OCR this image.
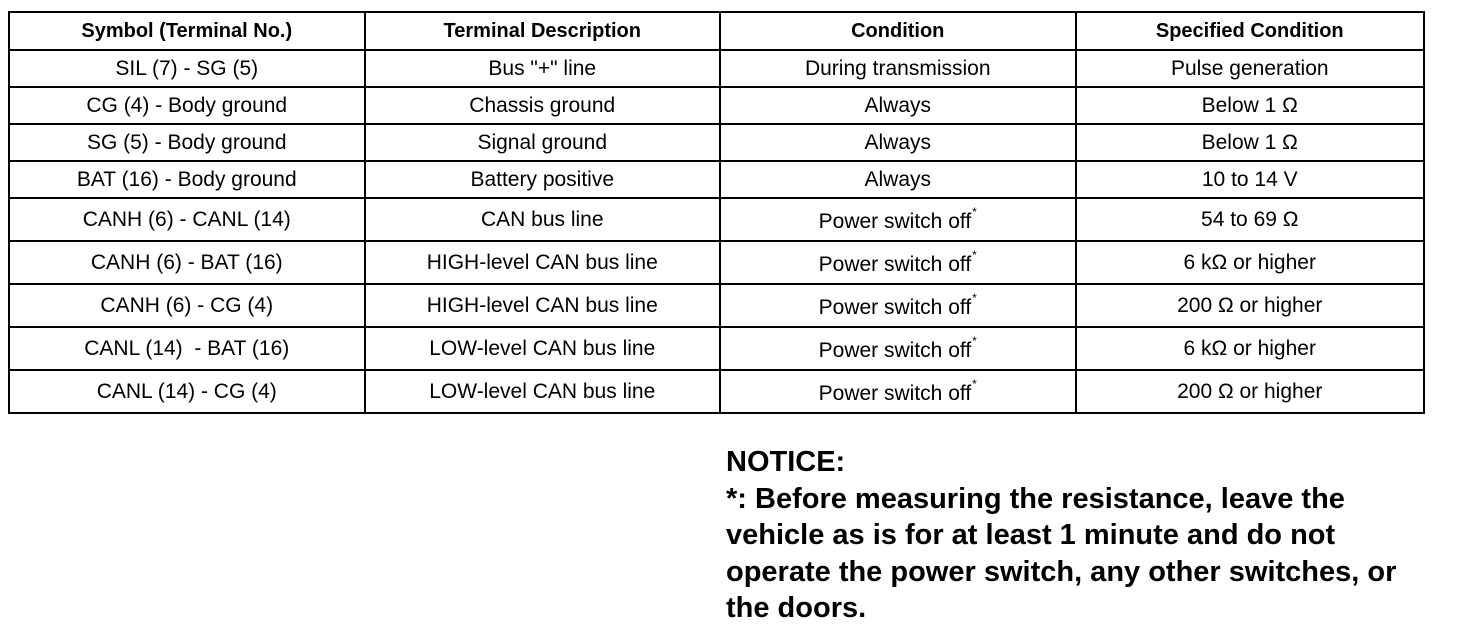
Symbol (Terminal No.)	Terminal Description	Condition	Specified Condition
SIL (7) - SG (5)	Bus "+" line	During transmission	Pulse generation
CG (4) - Body ground	Chassis ground	Always	Below 1 Ω
SG (5) - Body ground	Signal ground	Always	Below 1 Ω
BAT (16) - Body ground	Battery positive	Always	10 to 14 V
CANH (6) - CANL (14)	CAN bus line	Power switch off*	54 to 69 Ω
CANH (6) - BAT (16)	HIGH-level CAN bus line	Power switch off*	6 kΩ or higher
CANH (6) - CG (4)	HIGH-level CAN bus line	Power switch off*	200 Ω or higher
CANL (14)  - BAT (16)	LOW-level CAN bus line	Power switch off*	6 kΩ or higher
CANL (14) - CG (4)	LOW-level CAN bus line	Power switch off*	200 Ω or higher
NOTICE:
*: Before measuring the resistance, leave the vehicle as is for at least 1 minute and do not operate the power switch, any other switches, or the doors.
